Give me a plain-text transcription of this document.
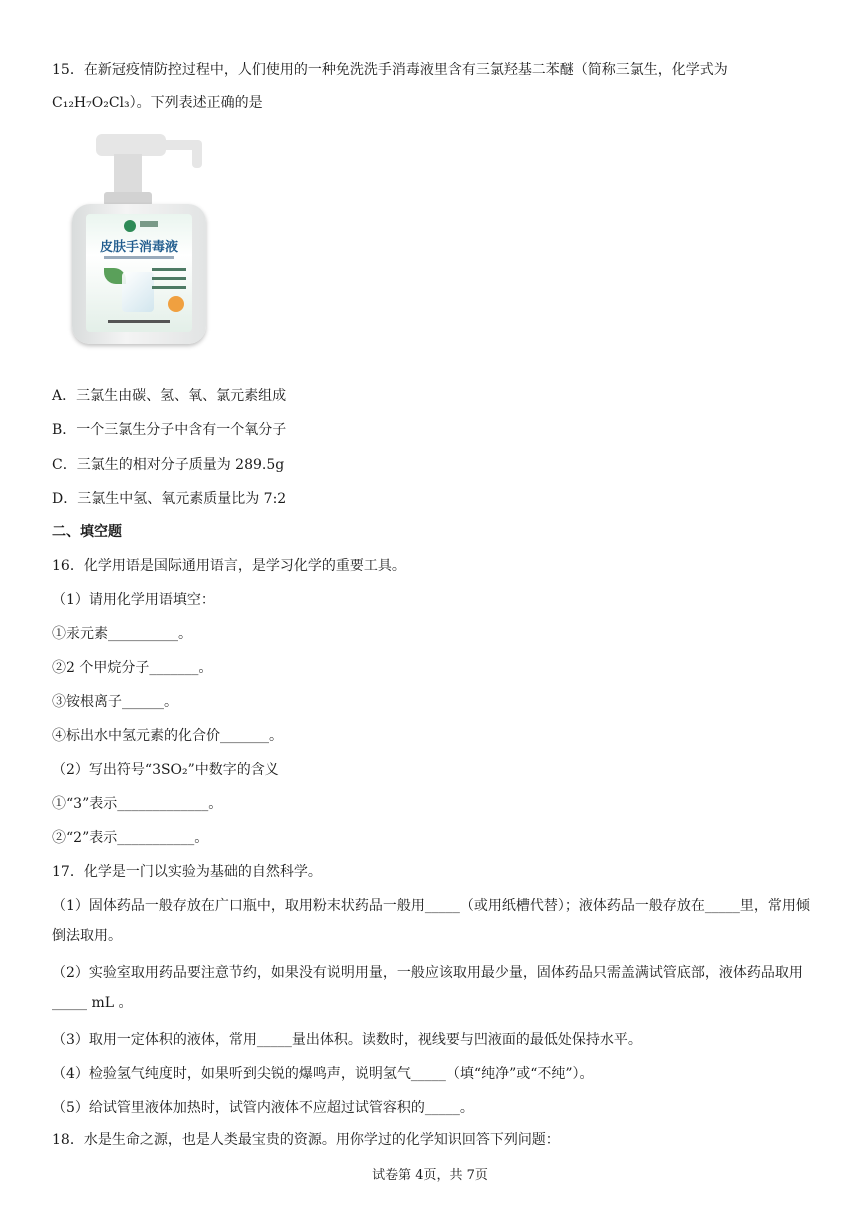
15．在新冠疫情防控过程中，人们使用的一种免洗洗手消毒液里含有三氯羟基二苯醚（简称三氯生，化学式为
C₁₂H₇O₂Cl₃）。下列表述正确的是
皮肤手消毒液
A．三氯生由碳、氢、氧、氯元素组成
B．一个三氯生分子中含有一个氧分子
C．三氯生的相对分子质量为 289.5g
D．三氯生中氢、氧元素质量比为 7:2
二、填空题
16．化学用语是国际通用语言，是学习化学的重要工具。
（1）请用化学用语填空：
①汞元素__________。
②2 个甲烷分子_______。
③铵根离子______。
④标出水中氢元素的化合价_______。
（2）写出符号“3SO₂”中数字的含义
①“3”表示_____________。
②“2”表示___________。
17．化学是一门以实验为基础的自然科学。
（1）固体药品一般存放在广口瓶中，取用粉末状药品一般用_____（或用纸槽代替）；液体药品一般存放在_____里，常用倾倒法取用。
（2）实验室取用药品要注意节约，如果没有说明用量，一般应该取用最少量，固体药品只需盖满试管底部，液体药品取用_____ mL 。
（3）取用一定体积的液体，常用_____量出体积。读数时，视线要与凹液面的最低处保持水平。
（4）检验氢气纯度时，如果听到尖锐的爆鸣声，说明氢气_____（填“纯净”或“不纯”）。
（5）给试管里液体加热时，试管内液体不应超过试管容积的_____。
18．水是生命之源，也是人类最宝贵的资源。用你学过的化学知识回答下列问题：
试卷第 4页，共 7页
